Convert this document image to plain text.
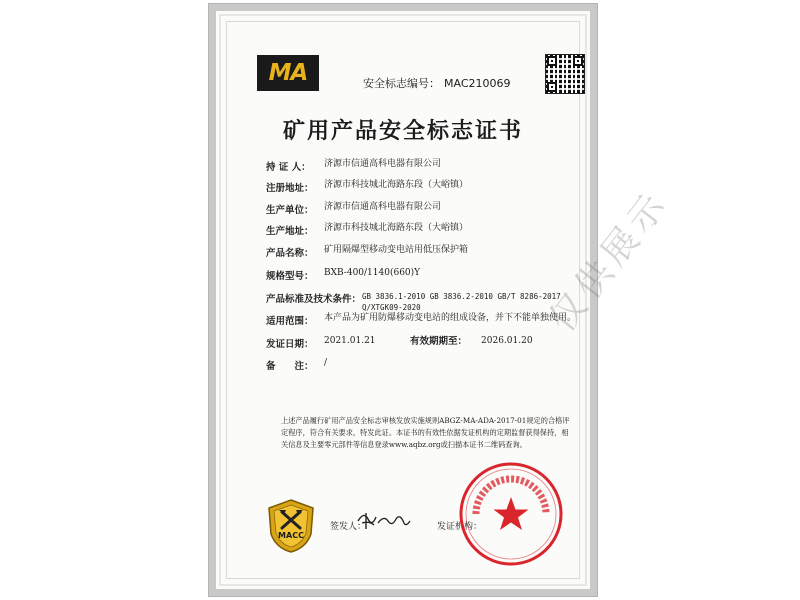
MA	安全标志编号： MAC210069
矿用产品安全标志证书
持 证 人：	济源市信通高科电器有限公司
注册地址：	济源市科技城北海路东段（大峪镇）
生产单位：	济源市信通高科电器有限公司
生产地址：	济源市科技城北海路东段（大峪镇）
产品名称：	矿用隔爆型移动变电站用低压保护箱
规格型号：	BXB-400/1140(660)Y
产品标准及技术条件： GB 3836.1-2010 GB 3836.2-2010 GB/T 8286-2017 Q/XTGK09-2020
适用范围：	本产品为矿用防爆移动变电站的组成设备，并下不能单独使用。
发证日期：	2021.01.21	有效期期至： 2026.01.20
备　　注：	/
仅供展示
上述产品履行矿用产品安全标志审核发放实施规则ABGZ-MA-ADA-2017-01规定的合格评定程序，符合有关要求，特发此证。本证书的有效性依据发证机构的定期监督获得保持，相关信息及主要零元部件等信息登录www.aqbz.org或扫描本证书二维码查询。
MACC
签发人：	发证机构：
